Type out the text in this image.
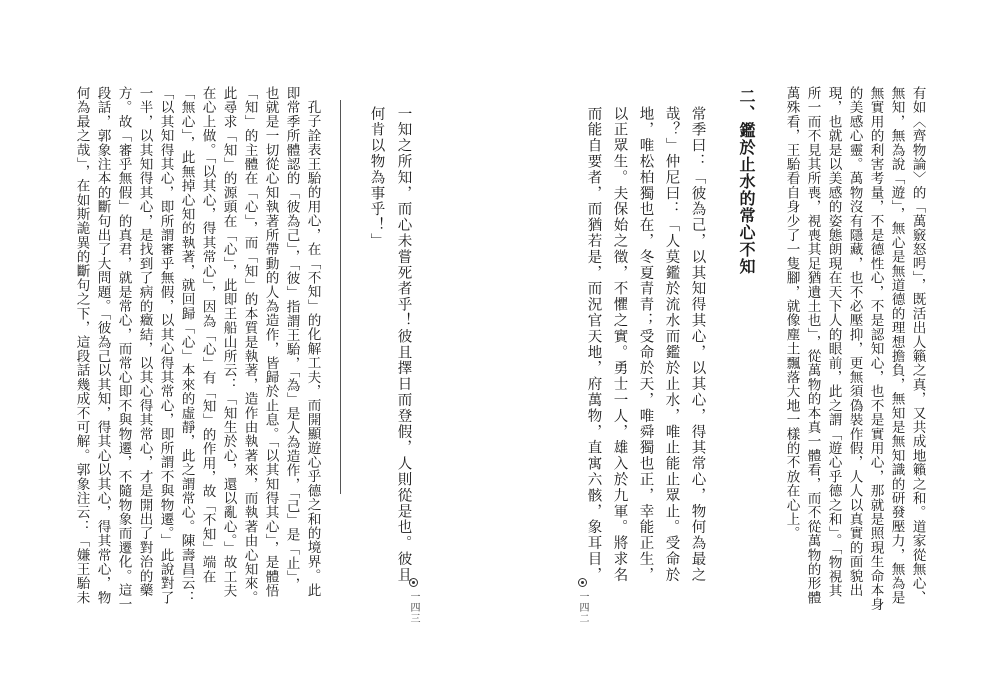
何為最之哉」，在如斯詭異的斷句之下，這段話幾成不可解。郭象注云：「嫌王駘未 段話，郭象注本的斷句出了大問題。「彼為己以其知，得其心以其心，得其常心，物 方。故「審乎無假」的真君，就是常心，而常心即不與物遷，不隨物象而遷化。這一 一半，以其知得其心，是找到了病的癥結，以其心得其常心，才是開出了對治的藥 「以其知得其心，即所謂審乎無假，以其心得其常心，即所謂不與物遷。」此說對了 「無心」，此無掉心知的執著，就回歸「心」本來的虛靜，此之謂常心。陳壽昌云： 在心上做。「以其心，得其常心」，因為「心」有「知」的作用，故「不知」端在 此尋求「知」的源頭在「心」，此即王船山所云：「知生於心，還以亂心。」故工夫 「知」的主體在「心」，而「知」的本質是執著，造作由執著來，而執著由心知來。 也就是一切從心知執著所帶動的人為造作，皆歸於止息。「以其知得其心」，是體悟 即常季所體認的「彼為己」，「彼」指謂王駘，「為」是人為造作，「己」是「止」， 孔子詮表王駘的用心，在「不知」的化解工夫，而開顯遊心乎德之和的境界。此	何肯以物為事乎！」 一知之所知，而心未嘗死者乎！彼且擇日而登假，人則從是也。彼且
一四三
而能自要者，而猶若是，而況官天地，府萬物，直寓六骸，象耳目， 以正眾生。夫保始之徵，不懼之實。勇士一人，雄入於九軍。將求名 地，唯松柏獨也在，冬夏青青；受命於天，唯舜獨也正，幸能正生， 哉？」仲尼曰：「人莫鑑於流水而鑑於止水，唯止能止眾止。受命於 常季曰：「彼為己，以其知得其心，以其心，得其常心，物何為最之 二、鑑於止水的常心不知 萬殊看，王駘看自身少了一隻腳，就像塵土飄落大地一樣的不放在心上。 所一而不見其所喪，視喪其足猶遺土也」，從萬物的本真一體看，而不從萬物的形體 現，也就是以美感的姿態朗現在天下人的眼前，此之謂「遊心乎德之和」。「物視其 的美感心靈。萬物沒有隱藏，也不必壓抑，更無須偽裝作假，人人以真實的面貌出 無實用的利害考量，不是德性心，不是認知心，也不是實用心，那就是照現生命本身 無知，無為說「遊」，無心是無道德的理想擔負，無知是無知識的研發壓力，無為是 有如〈齊物論〉的「萬竅怒呺」，既活出人籟之真，又共成地籟之和。道家從無心、
一四二
